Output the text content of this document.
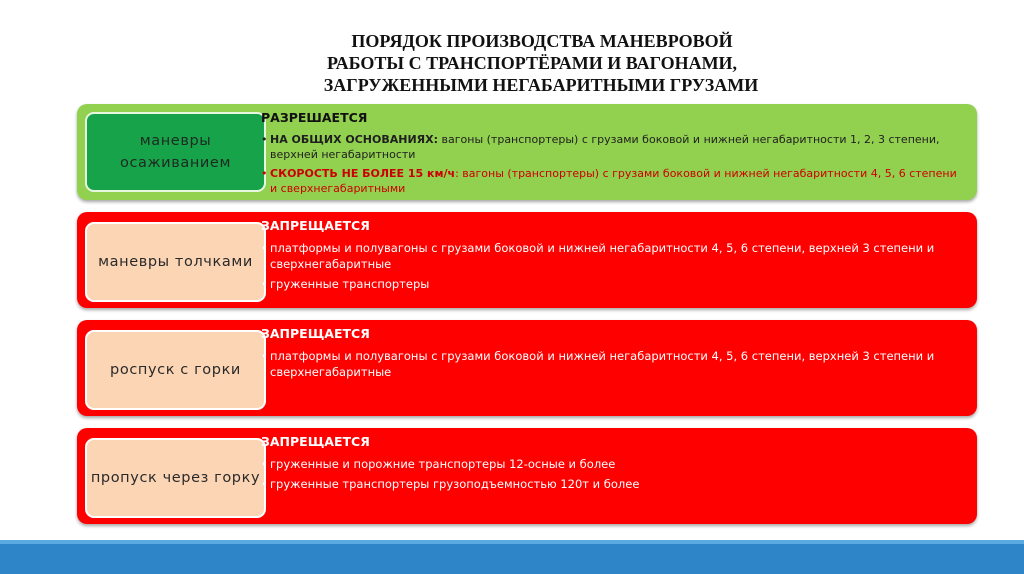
ПОРЯДОК ПРОИЗВОДСТВА МАНЕВРОВОЙ
РАБОТЫ С ТРАНСПОРТЁРАМИ И ВАГОНАМИ,
ЗАГРУЖЕННЫМИ НЕГАБАРИТНЫМИ ГРУЗАМИ
маневры осаживанием
РАЗРЕШАЕТСЯ
• НА ОБЩИХ ОСНОВАНИЯХ: вагоны (транспортеры) с грузами боковой и нижней негабаритности 1, 2, 3 степени, верхней негабаритности
• СКОРОСТЬ НЕ БОЛЕЕ 15 км/ч: вагоны (транспортеры) с грузами боковой и нижней негабаритности 4, 5, 6 степени и сверхнегабаритными
маневры толчками
ЗАПРЕЩАЕТСЯ
• платформы и полувагоны с грузами боковой и нижней негабаритности 4, 5, 6 степени, верхней 3 степени и сверхнегабаритные
• груженные транспортеры
роспуск с горки
ЗАПРЕЩАЕТСЯ
• платформы и полувагоны с грузами боковой и нижней негабаритности 4, 5, 6 степени, верхней 3 степени и сверхнегабаритные
пропуск через горку
ЗАПРЕЩАЕТСЯ
• груженные и порожние транспортеры 12-осные и более
• груженные транспортеры грузоподъемностью 120т и более
